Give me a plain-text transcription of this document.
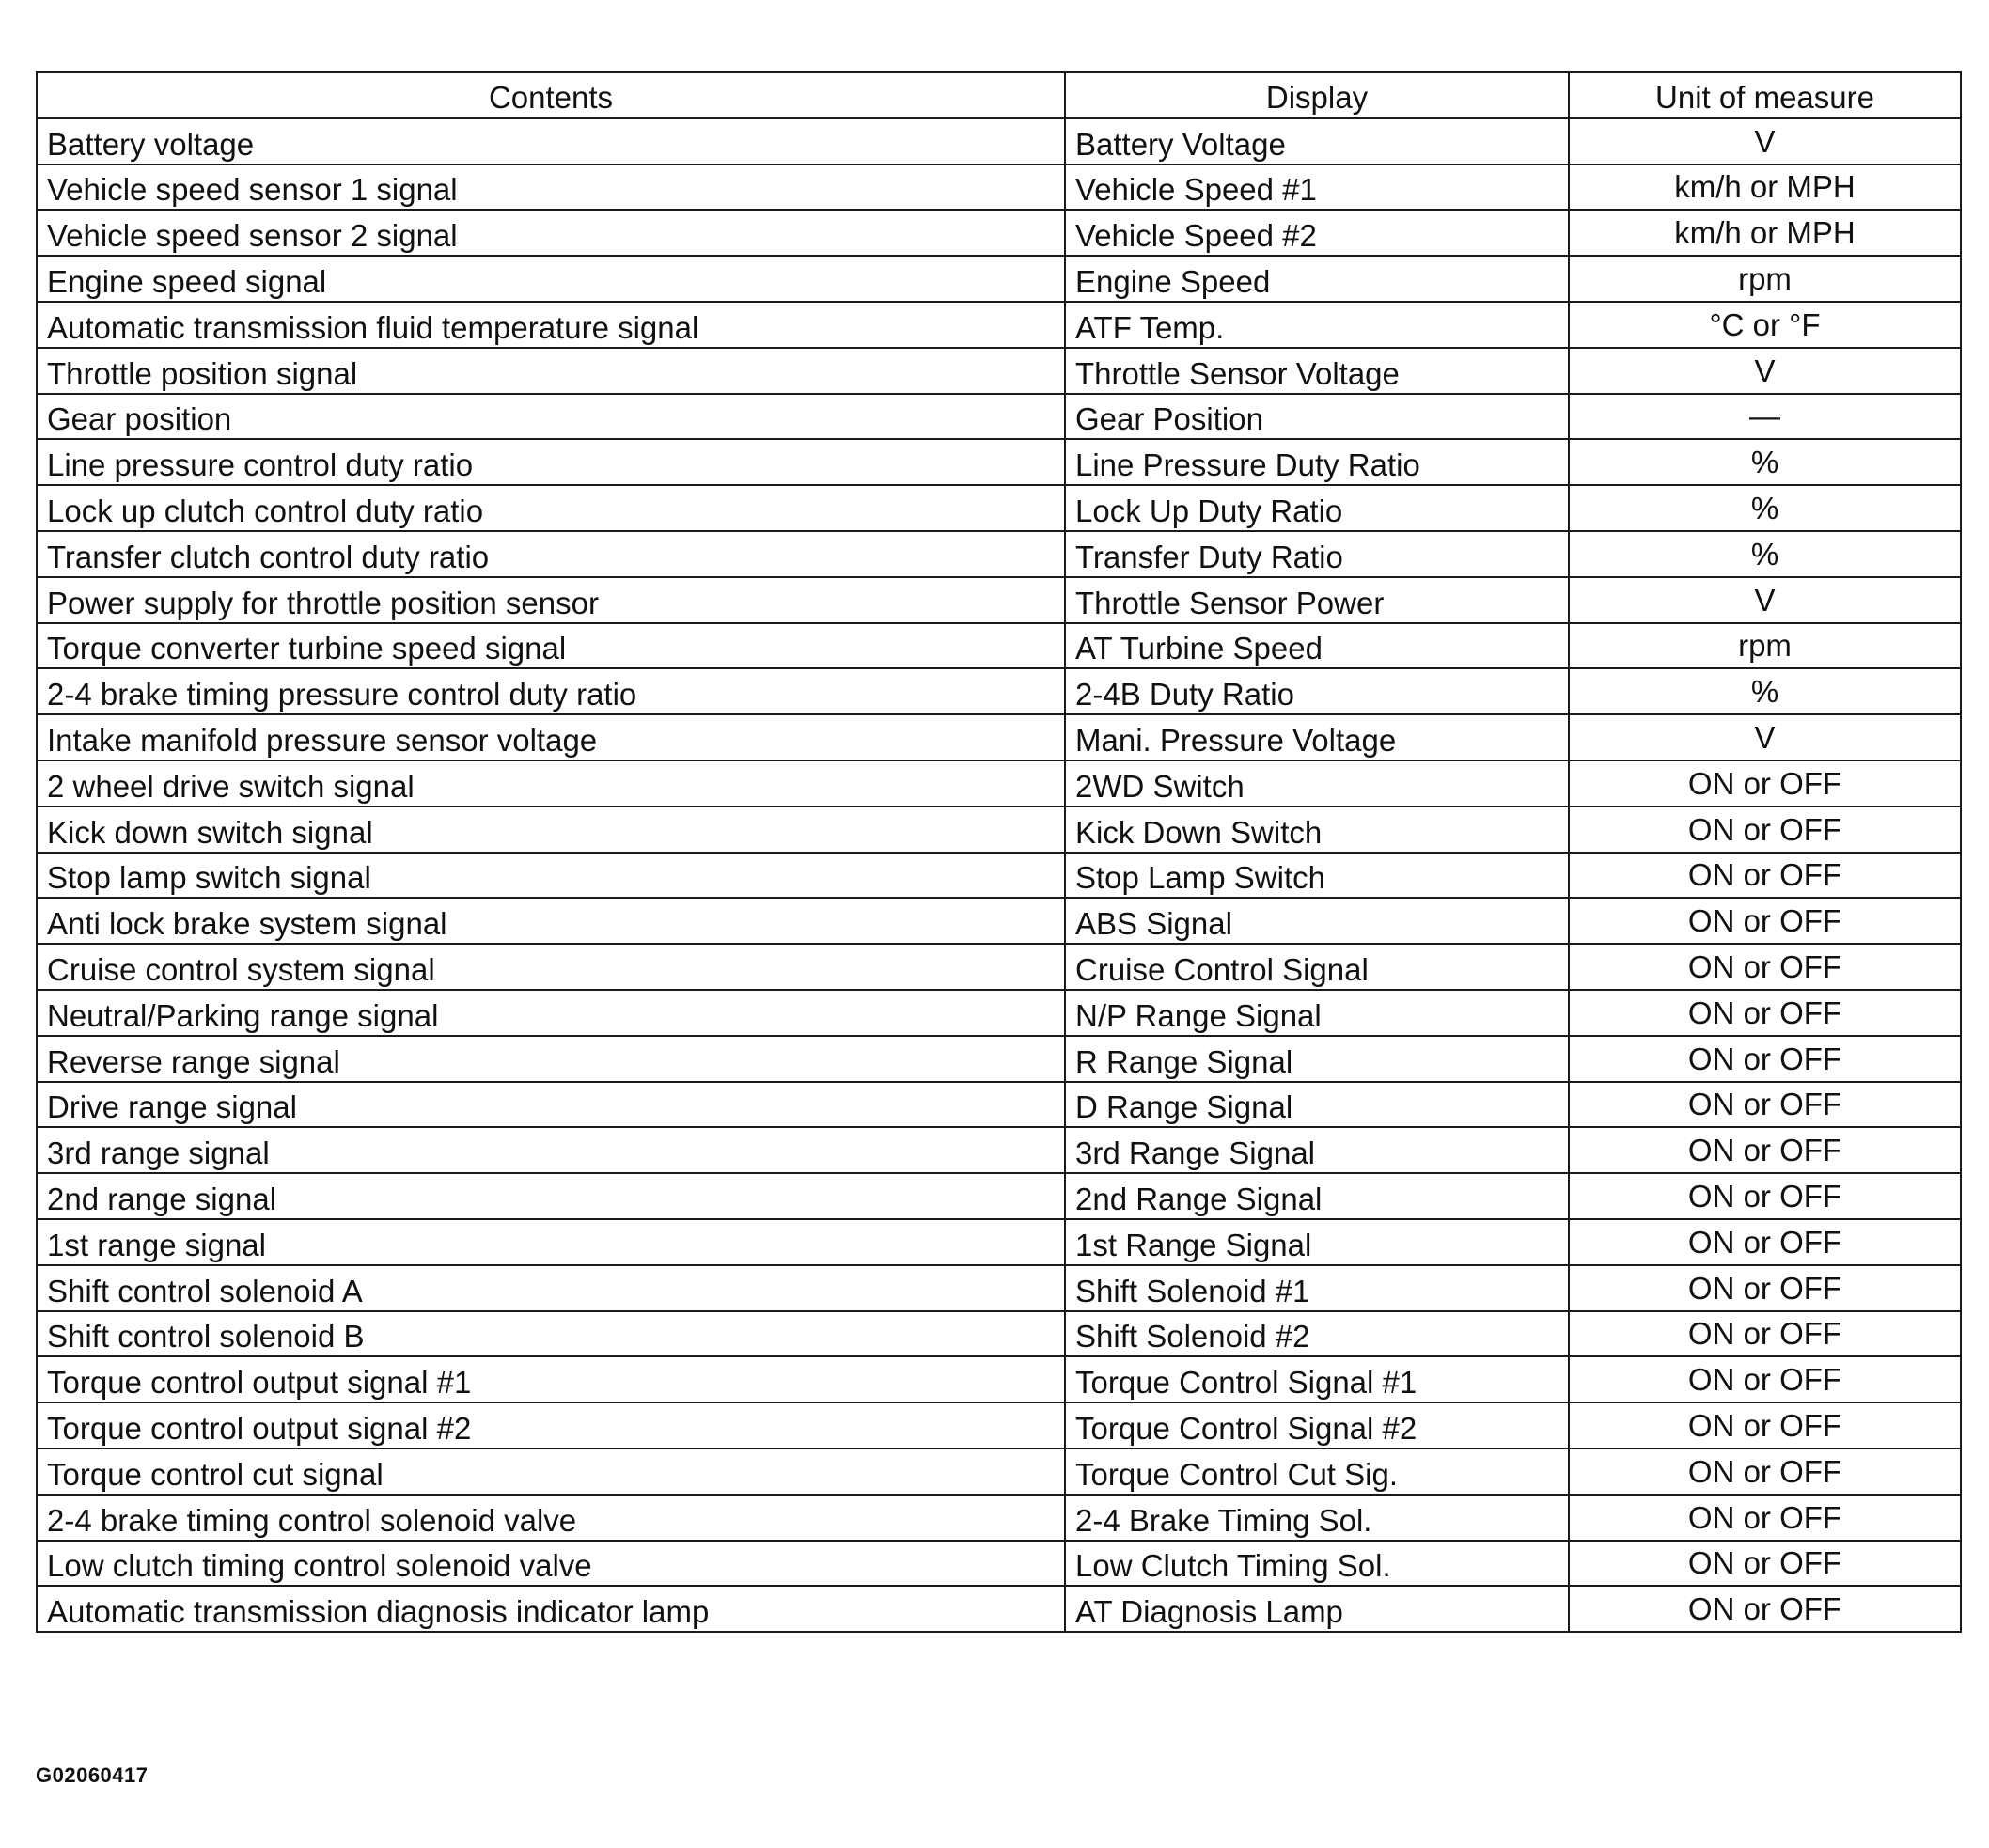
Contents	Display	Unit of measure
Battery voltage	Battery Voltage	V
Vehicle speed sensor 1 signal	Vehicle Speed #1	km/h or MPH
Vehicle speed sensor 2 signal	Vehicle Speed #2	km/h or MPH
Engine speed signal	Engine Speed	rpm
Automatic transmission fluid temperature signal	ATF Temp.	°C or °F
Throttle position signal	Throttle Sensor Voltage	V
Gear position	Gear Position	—
Line pressure control duty ratio	Line Pressure Duty Ratio	%
Lock up clutch control duty ratio	Lock Up Duty Ratio	%
Transfer clutch control duty ratio	Transfer Duty Ratio	%
Power supply for throttle position sensor	Throttle Sensor Power	V
Torque converter turbine speed signal	AT Turbine Speed	rpm
2-4 brake timing pressure control duty ratio	2-4B Duty Ratio	%
Intake manifold pressure sensor voltage	Mani. Pressure Voltage	V
2 wheel drive switch signal	2WD Switch	ON or OFF
Kick down switch signal	Kick Down Switch	ON or OFF
Stop lamp switch signal	Stop Lamp Switch	ON or OFF
Anti lock brake system signal	ABS Signal	ON or OFF
Cruise control system signal	Cruise Control Signal	ON or OFF
Neutral/Parking range signal	N/P Range Signal	ON or OFF
Reverse range signal	R Range Signal	ON or OFF
Drive range signal	D Range Signal	ON or OFF
3rd range signal	3rd Range Signal	ON or OFF
2nd range signal	2nd Range Signal	ON or OFF
1st range signal	1st Range Signal	ON or OFF
Shift control solenoid A	Shift Solenoid #1	ON or OFF
Shift control solenoid B	Shift Solenoid #2	ON or OFF
Torque control output signal #1	Torque Control Signal #1	ON or OFF
Torque control output signal #2	Torque Control Signal #2	ON or OFF
Torque control cut signal	Torque Control Cut Sig.	ON or OFF
2-4 brake timing control solenoid valve	2-4 Brake Timing Sol.	ON or OFF
Low clutch timing control solenoid valve	Low Clutch Timing Sol.	ON or OFF
Automatic transmission diagnosis indicator lamp	AT Diagnosis Lamp	ON or OFF
G02060417
